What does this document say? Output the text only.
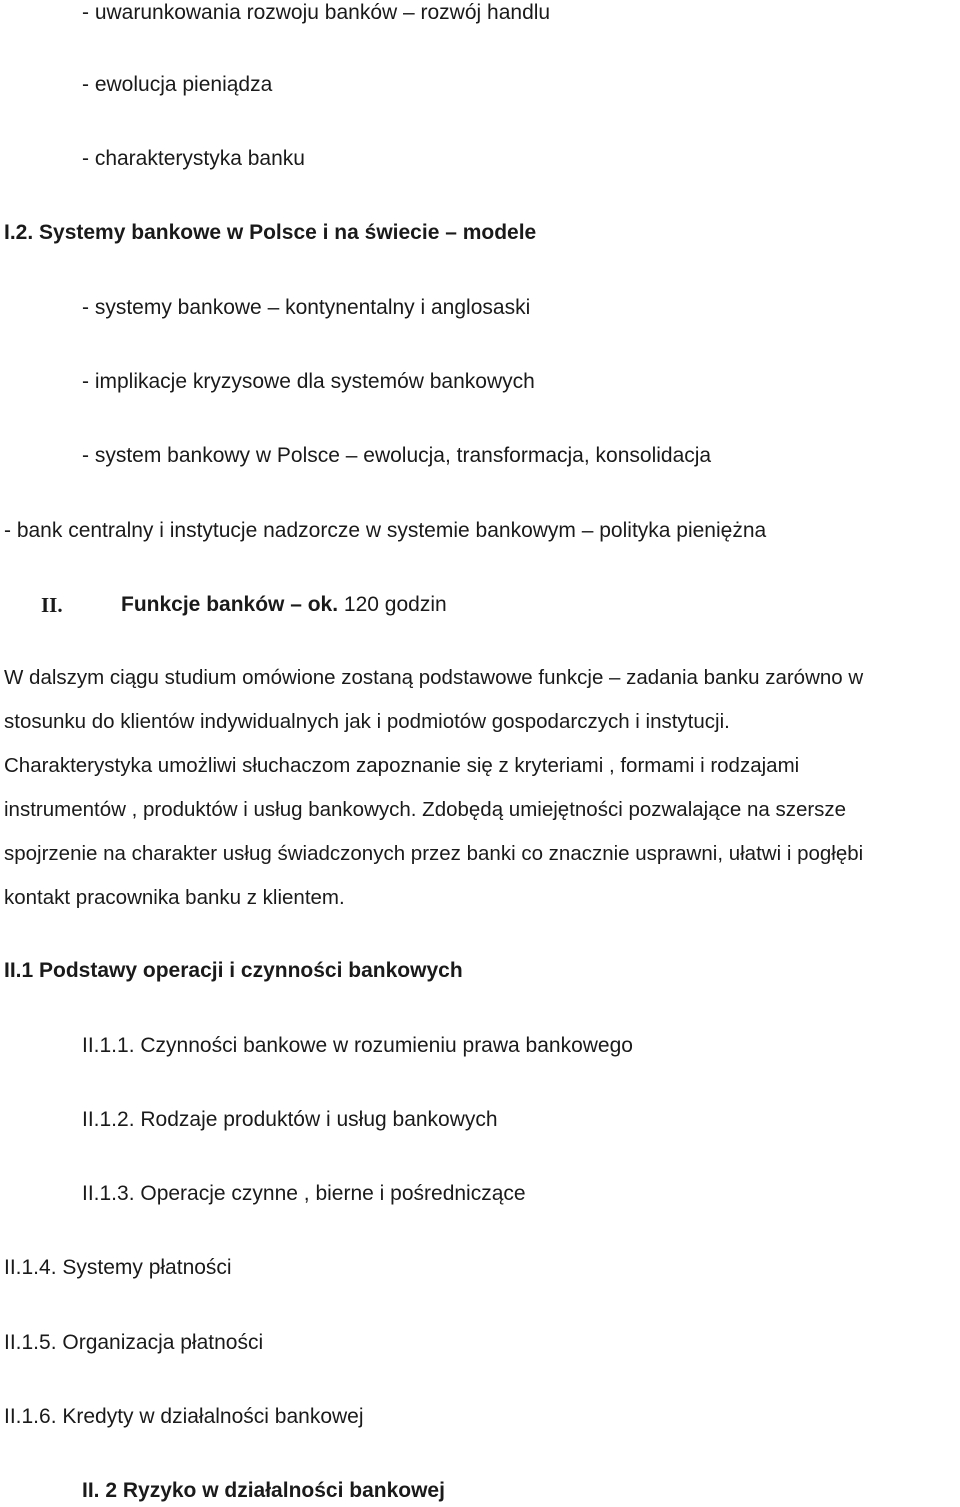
- uwarunkowania rozwoju banków – rozwój handlu
- ewolucja pieniądza
- charakterystyka banku
I.2. Systemy bankowe w Polsce i na świecie – modele
- systemy bankowe – kontynentalny i anglosaski
- implikacje kryzysowe dla systemów bankowych
- system bankowy w Polsce – ewolucja, transformacja, konsolidacja
- bank centralny i instytucje nadzorcze w systemie bankowym – polityka pieniężna
II.	Funkcje banków – ok. 120 godzin

W dalszym ciągu studium omówione zostaną podstawowe funkcje – zadania banku zarówno w

stosunku do klientów indywidualnych jak i podmiotów gospodarczych i instytucji.

Charakterystyka umożliwi słuchaczom zapoznanie się z kryteriami , formami i rodzajami

instrumentów , produktów i usług bankowych. Zdobędą umiejętności pozwalające na szersze

spojrzenie na charakter usług świadczonych przez banki co znacznie usprawni, ułatwi i pogłębi

kontakt pracownika banku z klientem.

II.1 Podstawy operacji i czynności bankowych
II.1.1. Czynności bankowe w rozumieniu prawa bankowego
II.1.2. Rodzaje produktów i usług bankowych
II.1.3. Operacje czynne , bierne i pośredniczące
II.1.4. Systemy płatności
II.1.5. Organizacja płatności
II.1.6. Kredyty w działalności bankowej
II. 2 Ryzyko w działalności bankowej
